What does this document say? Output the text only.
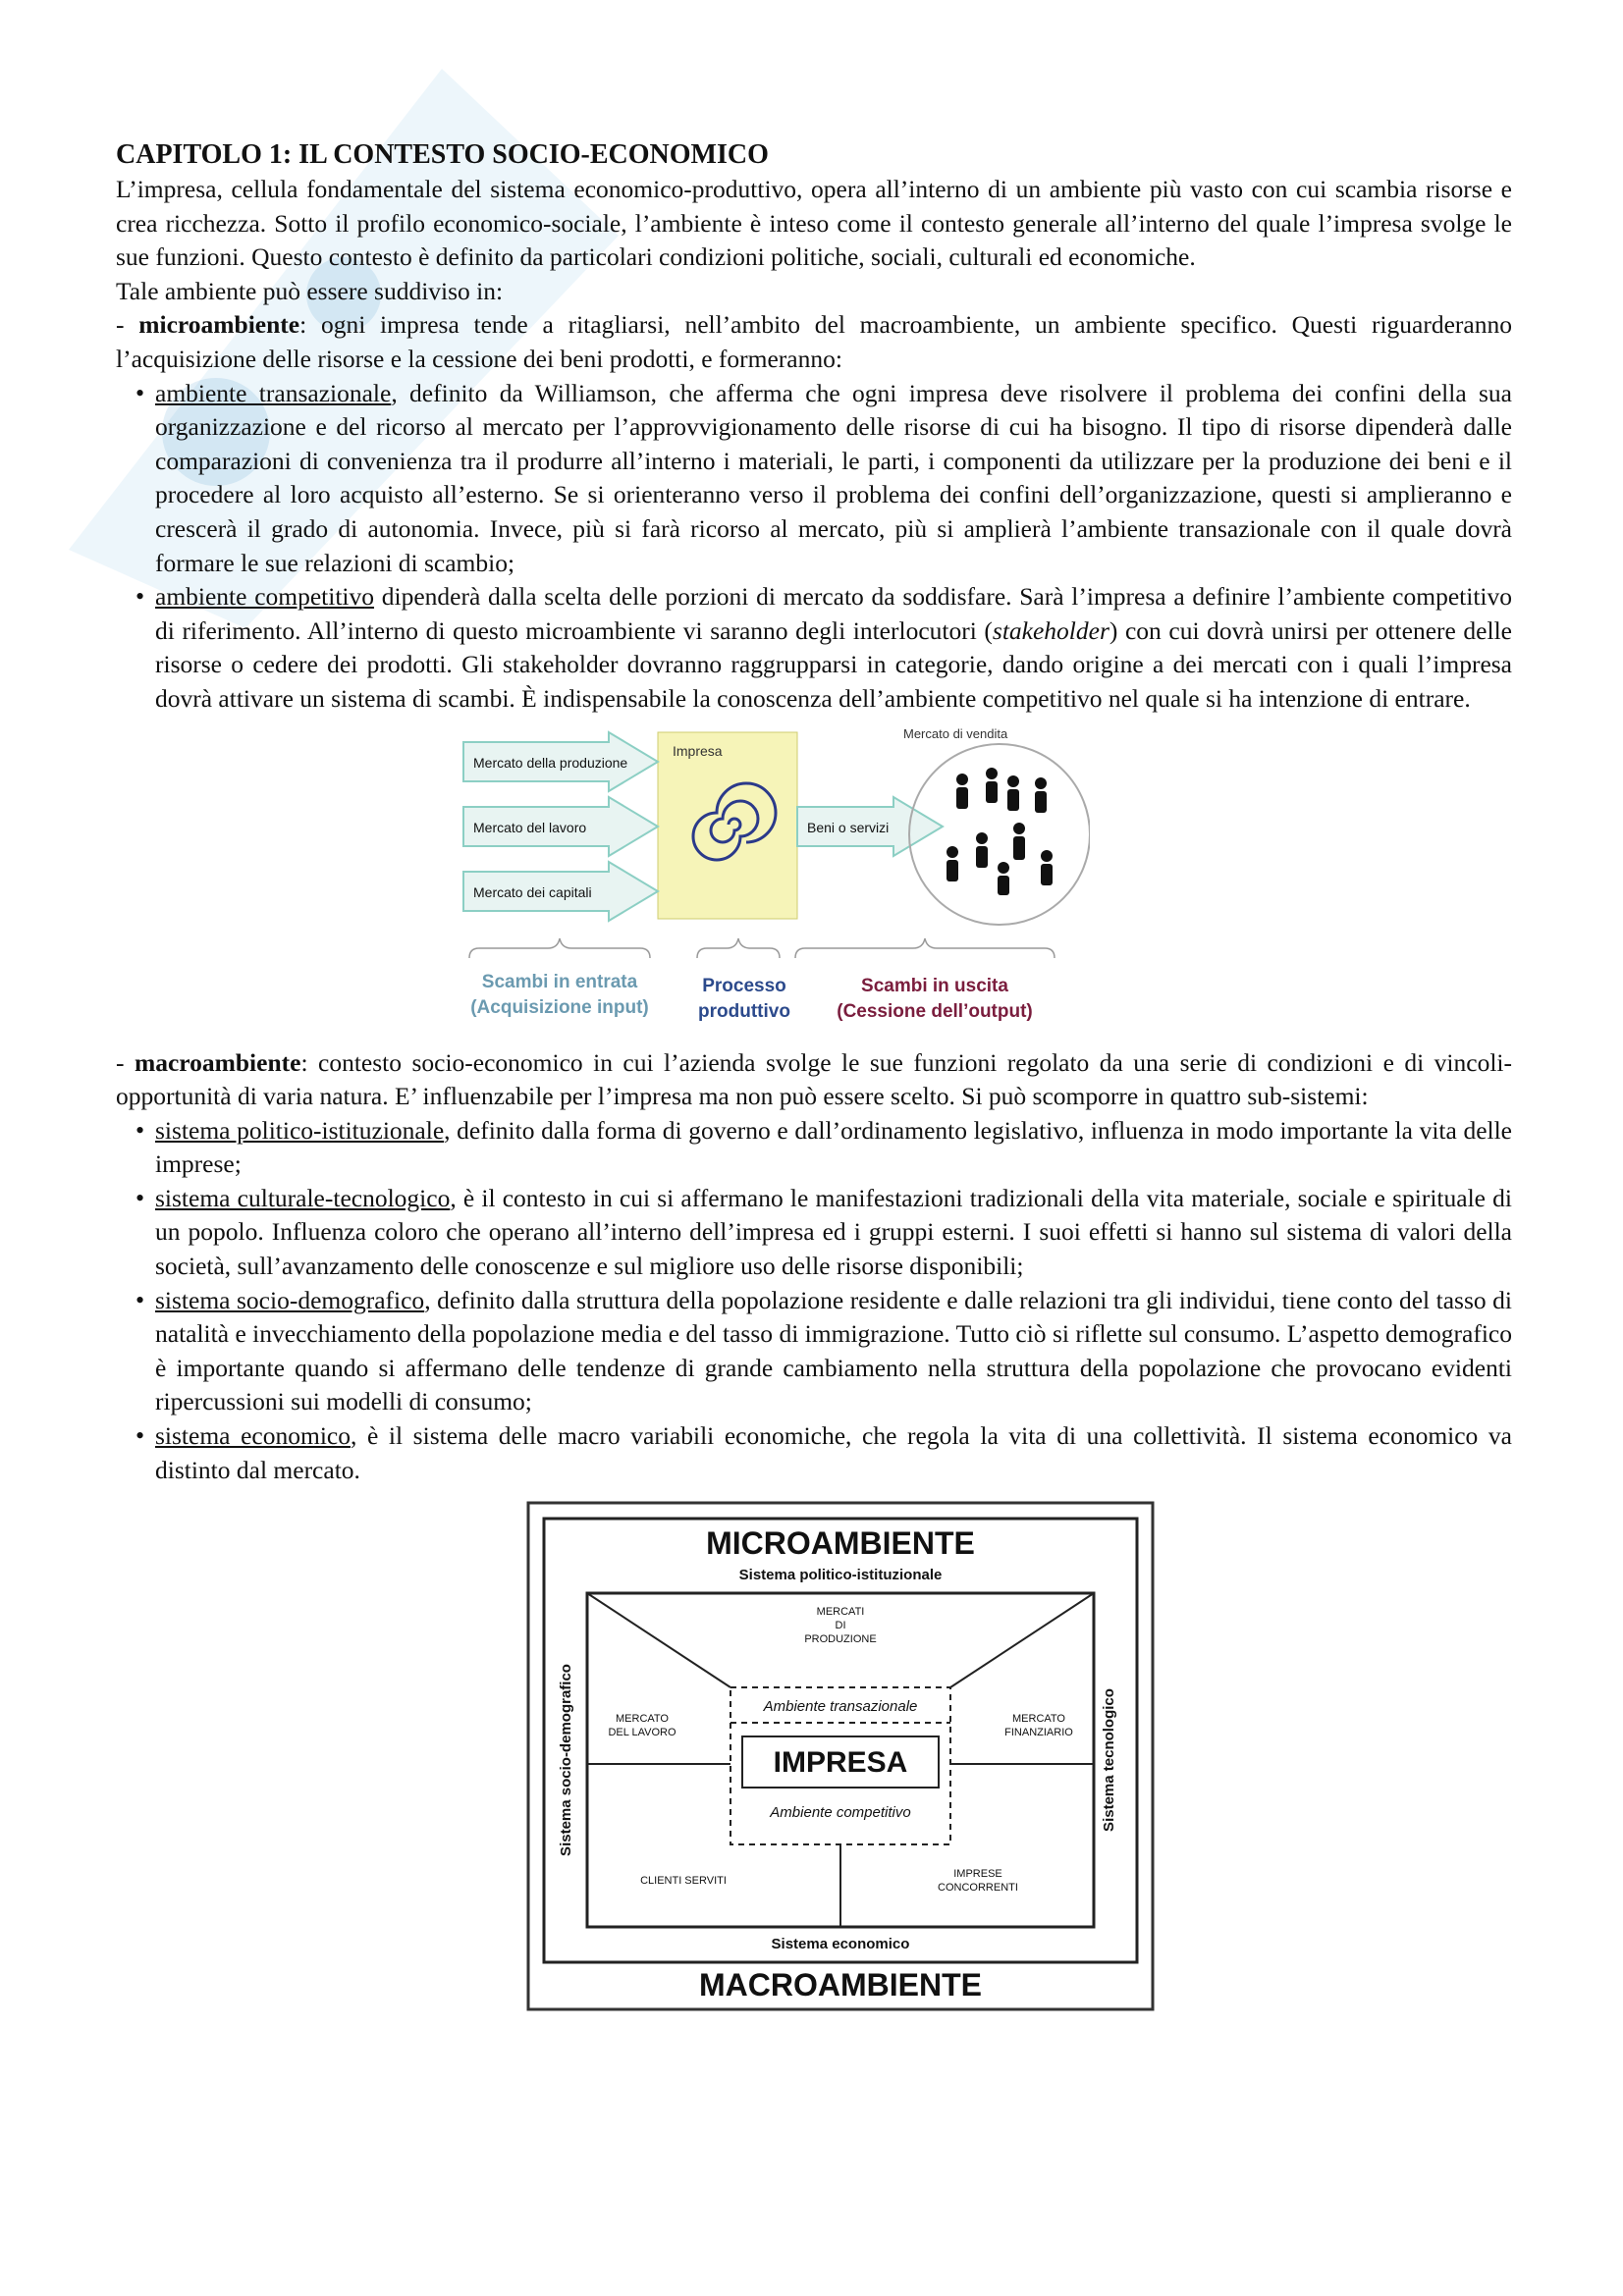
CAPITOLO 1: IL CONTESTO SOCIO-ECONOMICO

L’impresa, cellula fondamentale del sistema economico-produttivo, opera all’interno di un ambiente più vasto con cui scambia risorse e crea ricchezza. Sotto il profilo economico-sociale, l’ambiente è inteso come il contesto generale all’interno del quale l’impresa svolge le sue funzioni. Questo contesto è definito da particolari condizioni politiche, sociali, culturali ed economiche.

Tale ambiente può essere suddiviso in:

- microambiente: ogni impresa tende a ritagliarsi, nell’ambito del macroambiente, un ambiente specifico. Questi riguarderanno l’acquisizione delle risorse e la cessione dei beni prodotti, e formeranno:

• ambiente transazionale, definito da Williamson, che afferma che ogni impresa deve risolvere il problema dei confini della sua organizzazione e del ricorso al mercato per l’approvvigionamento delle risorse di cui ha bisogno. Il tipo di risorse dipenderà dalle comparazioni di convenienza tra il produrre all’interno i materiali, le parti, i componenti da utilizzare per la produzione dei beni e il procedere al loro acquisto all’esterno. Se si orienteranno verso il problema dei confini dell’organizzazione, questi si amplieranno e crescerà il grado di autonomia. Invece, più si farà ricorso al mercato, più si amplierà l’ambiente transazionale con il quale dovrà formare le sue relazioni di scambio;
• ambiente competitivo dipenderà dalla scelta delle porzioni di mercato da soddisfare. Sarà l’impresa a definire l’ambiente competitivo di riferimento. All’interno di questo microambiente vi saranno degli interlocutori (stakeholder) con cui dovrà unirsi per ottenere delle risorse o cedere dei prodotti. Gli stakeholder dovranno raggrupparsi in categorie, dando origine a dei mercati con i quali l’impresa dovrà attivare un sistema di scambi. È indispensabile la conoscenza dell’ambiente competitivo nel quale si ha intenzione di entrare.
Impresa
Mercato della produzione
Mercato del lavoro
Mercato dei capitali
Beni o servizi
Mercato di vendita
Scambi in entrata
(Acquisizione input)
Processo
produttivo
Scambi in uscita
(Cessione dell’output)

- macroambiente: contesto socio-economico in cui l’azienda svolge le sue funzioni regolato da una serie di condizioni e di vincoli-opportunità di varia natura. E’ influenzabile per l’impresa ma non può essere scelto. Si può scomporre in quattro sub-sistemi:

• sistema politico-istituzionale, definito dalla forma di governo e dall’ordinamento legislativo, influenza in modo importante la vita delle imprese;
• sistema culturale-tecnologico, è il contesto in cui si affermano le manifestazioni tradizionali della vita materiale, sociale e spirituale di un popolo. Influenza coloro che operano all’interno dell’impresa ed i gruppi esterni. I suoi effetti si hanno sul sistema di valori della società, sull’avanzamento delle conoscenze e sul migliore uso delle risorse disponibili;
• sistema socio-demografico, definito dalla struttura della popolazione residente e dalle relazioni tra gli individui, tiene conto del tasso di natalità e invecchiamento della popolazione media e del tasso di immigrazione. Tutto ciò si riflette sul consumo. L’aspetto demografico è importante quando si affermano delle tendenze di grande cambiamento nella struttura della popolazione che provocano evidenti ripercussioni sui modelli di consumo;
• sistema economico, è il sistema delle macro variabili economiche, che regola la vita di una collettività. Il sistema economico va distinto dal mercato.
MICROAMBIENTE
Sistema politico-istituzionale
Sistema socio-demografico	Sistema tecnologico
MERCATI
DI
PRODUZIONE
MERCATO
DEL LAVORO
MERCATO
FINANZIARIO
Ambiente transazionale
IMPRESA
Ambiente competitivo
CLIENTI SERVITI
IMPRESE
CONCORRENTI
Sistema economico
MACROAMBIENTE
